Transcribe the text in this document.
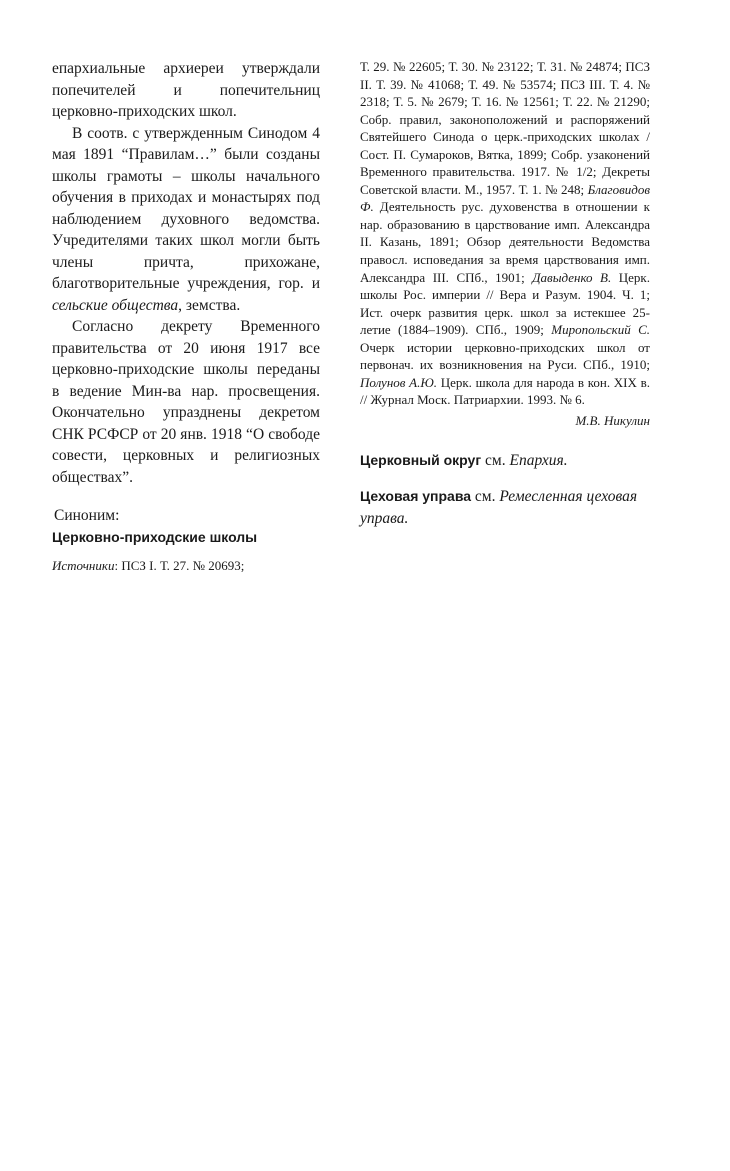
епархиальные архиереи утверждали попечителей и попечительниц церковно-приходских школ.

В соотв. с утвержденным Синодом 4 мая 1891 “Правилам…” были созданы школы грамоты – школы начального обучения в приходах и монастырях под наблюдением духовного ведомства. Учредителями таких школ могли быть члены причта, прихожане, благотворительные учреждения, гор. и сельские общества, земства.

Согласно декрету Временного правительства от 20 июня 1917 все церковно-приходские школы переданы в ведение Мин-ва нар. просвещения. Окончательно упразднены декретом СНК РСФСР от 20 янв. 1918 “О свободе совести, церковных и религиозных обществах”.

Синоним:
Церковно-приходские школы
Источники: ПСЗ I. Т. 27. № 20693;

Т. 29. № 22605; Т. 30. № 23122; Т. 31. № 24874; ПСЗ II. Т. 39. № 41068; Т. 49. № 53574; ПСЗ III. Т. 4. № 2318; Т. 5. № 2679; Т. 16. № 12561; Т. 22. № 21290; Собр. правил, законоположений и распоряжений Святейшего Синода о церк.-приходских школах / Сост. П. Сумароков, Вятка, 1899; Собр. узаконений Временного правительства. 1917. № 1/2; Декреты Советской власти. М., 1957. Т. 1. № 248; Благовидов Ф. Деятельность рус. духовенства в отношении к нар. образованию в царствование имп. Александра II. Казань, 1891; Обзор деятельности Ведомства правосл. исповедания за время царствования имп. Александра III. СПб., 1901; Давыденко В. Церк. школы Рос. империи // Вера и Разум. 1904. Ч. 1; Ист. очерк развития церк. школ за истекшее 25-летие (1884–1909). СПб., 1909; Миропольский С. Очерк истории церковно-приходских школ от первонач. их возникновения на Руси. СПб., 1910; Полунов А.Ю. Церк. школа для народа в кон. XIX в. // Журнал Моск. Патриархии. 1993. № 6.

М.В. Никулин
Церковный округ см. Епархия.
Цеховая управа см. Ремесленная цеховая управа.
